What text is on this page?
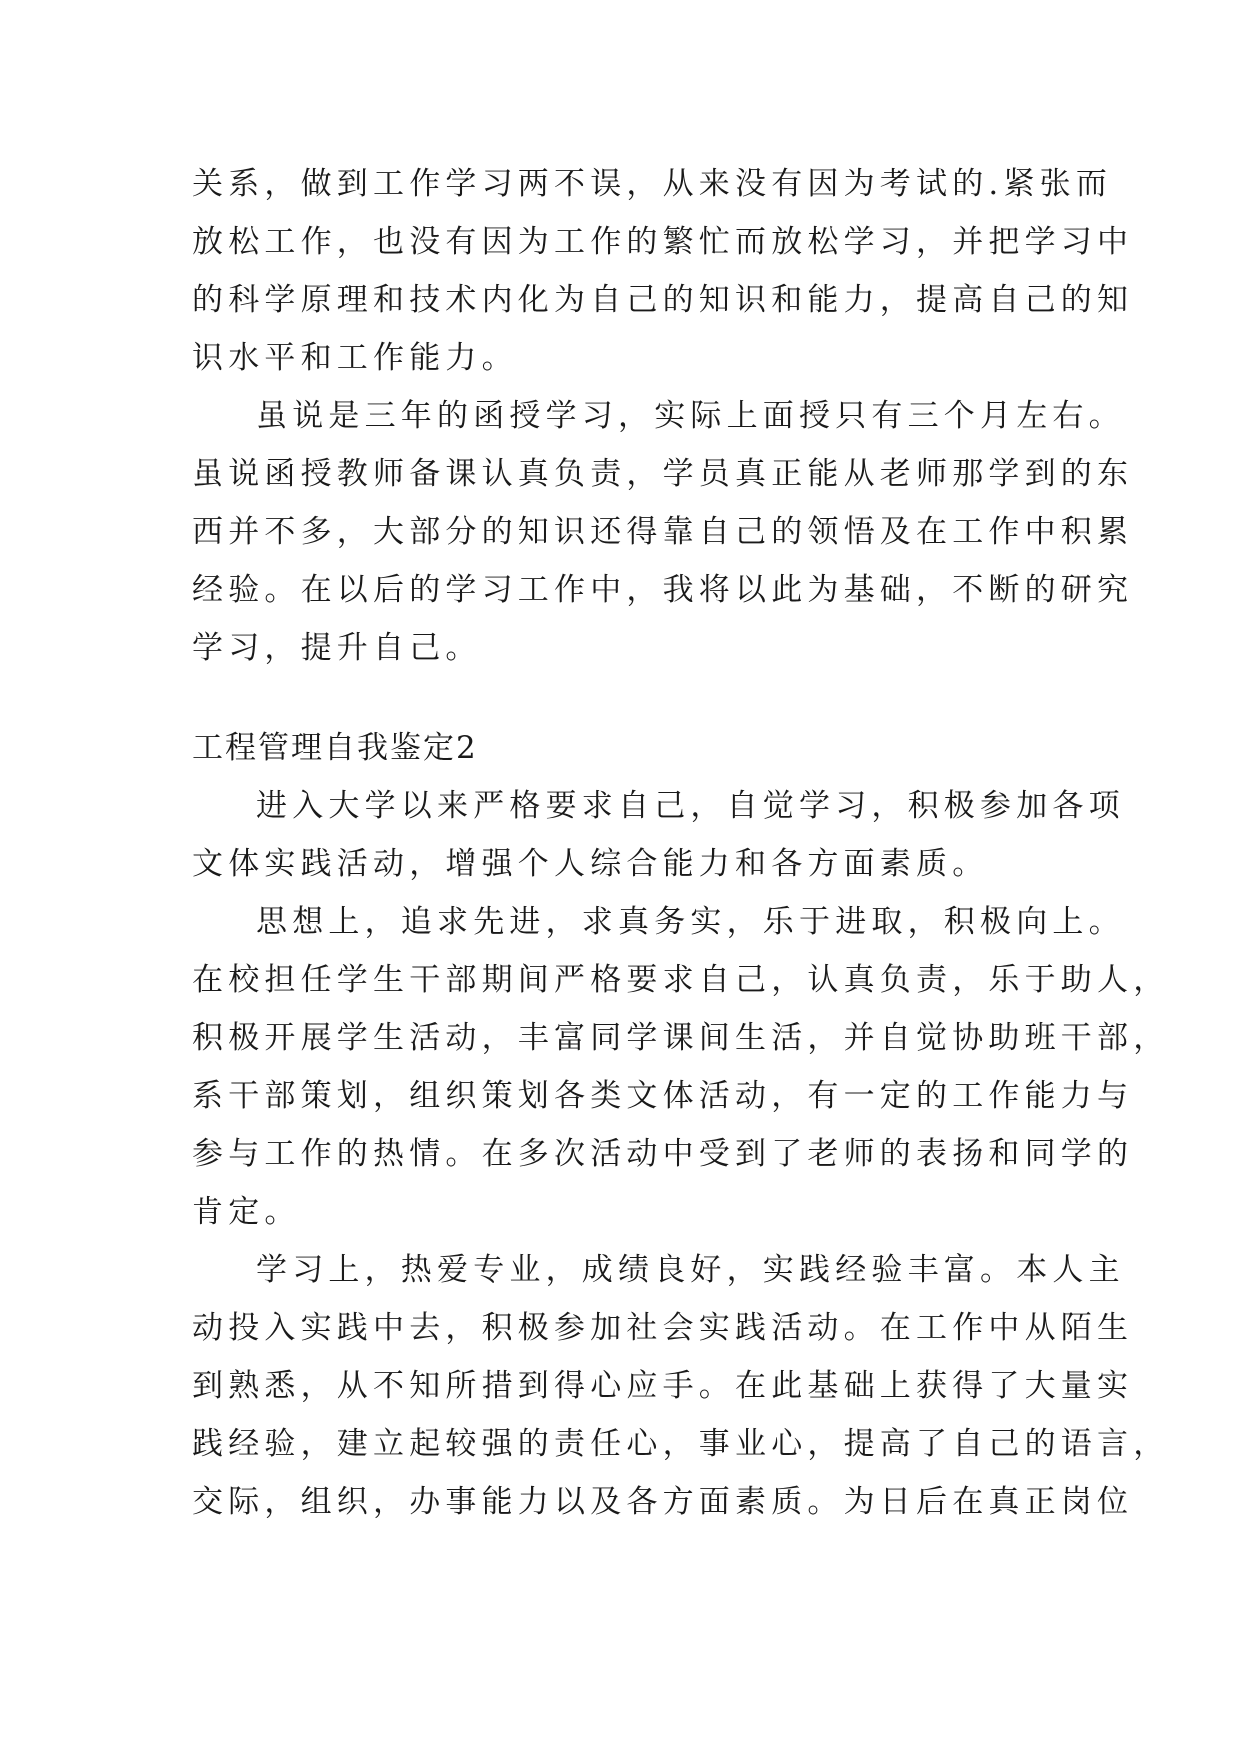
关系，做到工作学习两不误，从来没有因为考试的.紧张而
放松工作，也没有因为工作的繁忙而放松学习，并把学习中
的科学原理和技术内化为自己的知识和能力，提高自己的知
识水平和工作能力。
虽说是三年的函授学习，实际上面授只有三个月左右。
虽说函授教师备课认真负责，学员真正能从老师那学到的东
西并不多，大部分的知识还得靠自己的领悟及在工作中积累
经验。在以后的学习工作中，我将以此为基础，不断的研究
学习，提升自己。
工程管理自我鉴定2
进入大学以来严格要求自己，自觉学习，积极参加各项
文体实践活动，增强个人综合能力和各方面素质。
思想上，追求先进，求真务实，乐于进取，积极向上。
在校担任学生干部期间严格要求自己，认真负责，乐于助人，
积极开展学生活动，丰富同学课间生活，并自觉协助班干部，
系干部策划，组织策划各类文体活动，有一定的工作能力与
参与工作的热情。在多次活动中受到了老师的表扬和同学的
肯定。
学习上，热爱专业，成绩良好，实践经验丰富。本人主
动投入实践中去，积极参加社会实践活动。在工作中从陌生
到熟悉，从不知所措到得心应手。在此基础上获得了大量实
践经验，建立起较强的责任心，事业心，提高了自己的语言，
交际，组织，办事能力以及各方面素质。为日后在真正岗位
